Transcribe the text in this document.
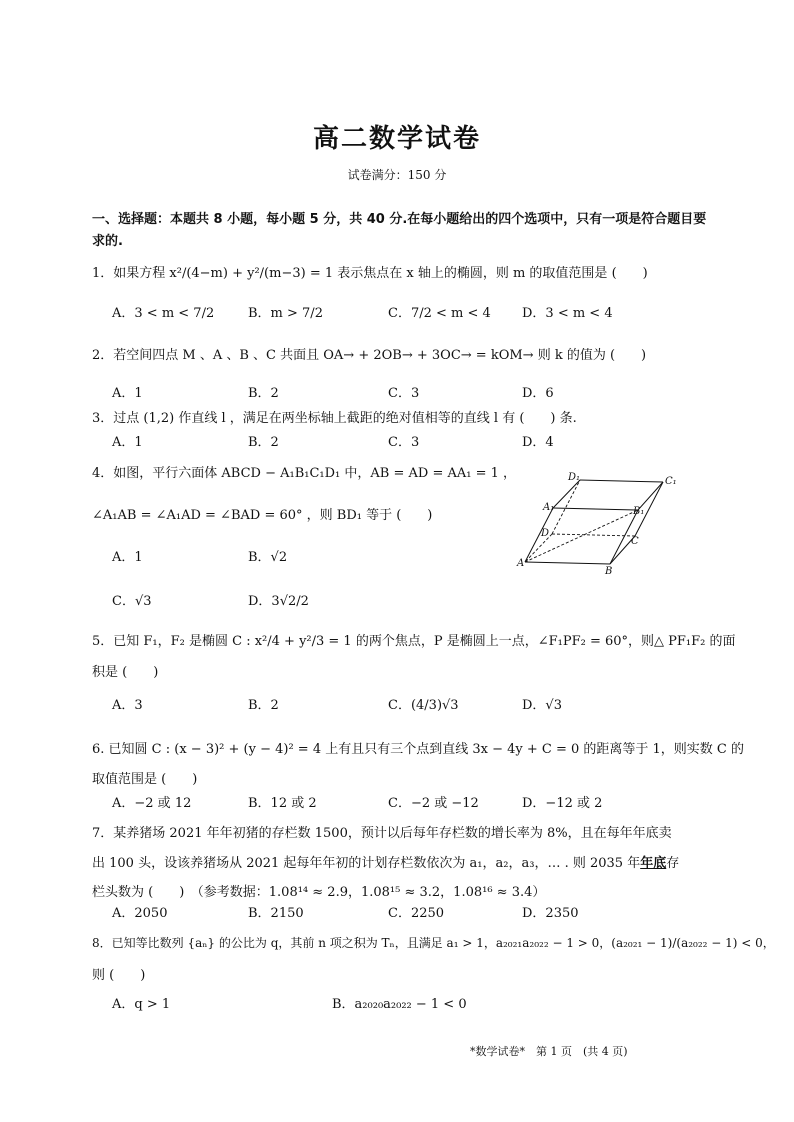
高二数学试卷
试卷满分：150 分
一、选择题：本题共 8 小题，每小题 5 分，共 40 分.在每小题给出的四个选项中，只有一项是符合题目要求的.
1．如果方程 x²/(4−m) + y²/(m−3) = 1 表示焦点在 x 轴上的椭圆，则 m 的取值范围是 (　　)
A．3 < m < 7/2	B．m > 7/2	C．7/2 < m < 4 D．3 < m < 4
2．若空间四点 M 、A 、B 、C 共面且 OA→ + 2OB→ + 3OC→ = kOM→ 则 k 的值为 (　　)
A．1	B．2	C．3	D．6
3．过点 (1,2) 作直线 l ，满足在两坐标轴上截距的绝对值相等的直线 l 有 (　　) 条.
A．1	B．2	C．3	D．4
4．如图，平行六面体 ABCD − A₁B₁C₁D₁ 中，AB = AD = AA₁ = 1 ，
∠A₁AB = ∠A₁AD = ∠BAD = 60° ，则 BD₁ 等于 (　　)
A．1	B．√2
C．√3	D．3√2/2
D₁	C₁
A₁	B₁
D
C
A
B
5．已知 F₁，F₂ 是椭圆 C : x²/4 + y²/3 = 1 的两个焦点，P 是椭圆上一点，∠F₁PF₂ = 60°，则△ PF₁F₂ 的面
积是 (　　)
A．3	B．2	C．(4/3)√3	D．√3
6. 已知圆 C : (x − 3)² + (y − 4)² = 4 上有且只有三个点到直线 3x − 4y + C = 0 的距离等于 1，则实数 C 的
取值范围是 (　　)
A．−2 或 12	B．12 或 2	C．−2 或 −12	D．−12 或 2
7．某养猪场 2021 年年初猪的存栏数 1500，预计以后每年存栏数的增长率为 8%，且在每年年底卖
出 100 头，设该养猪场从 2021 起每年年初的计划存栏数依次为 a₁，a₂，a₃，… . 则 2035 年年底存
栏头数为 (　　)　（参考数据：1.08¹⁴ ≈ 2.9，1.08¹⁵ ≈ 3.2，1.08¹⁶ ≈ 3.4）
A．2050	B．2150	C．2250	D．2350
8．已知等比数列 {aₙ} 的公比为 q，其前 n 项之积为 Tₙ，且满足 a₁ > 1，a₂₀₂₁a₂₀₂₂ − 1 > 0，(a₂₀₂₁ − 1)/(a₂₀₂₂ − 1) < 0，
则 (　　)
A．q > 1	B．a₂₀₂₀a₂₀₂₂ − 1 < 0
*数学试卷*　第 1 页　(共 4 页)
